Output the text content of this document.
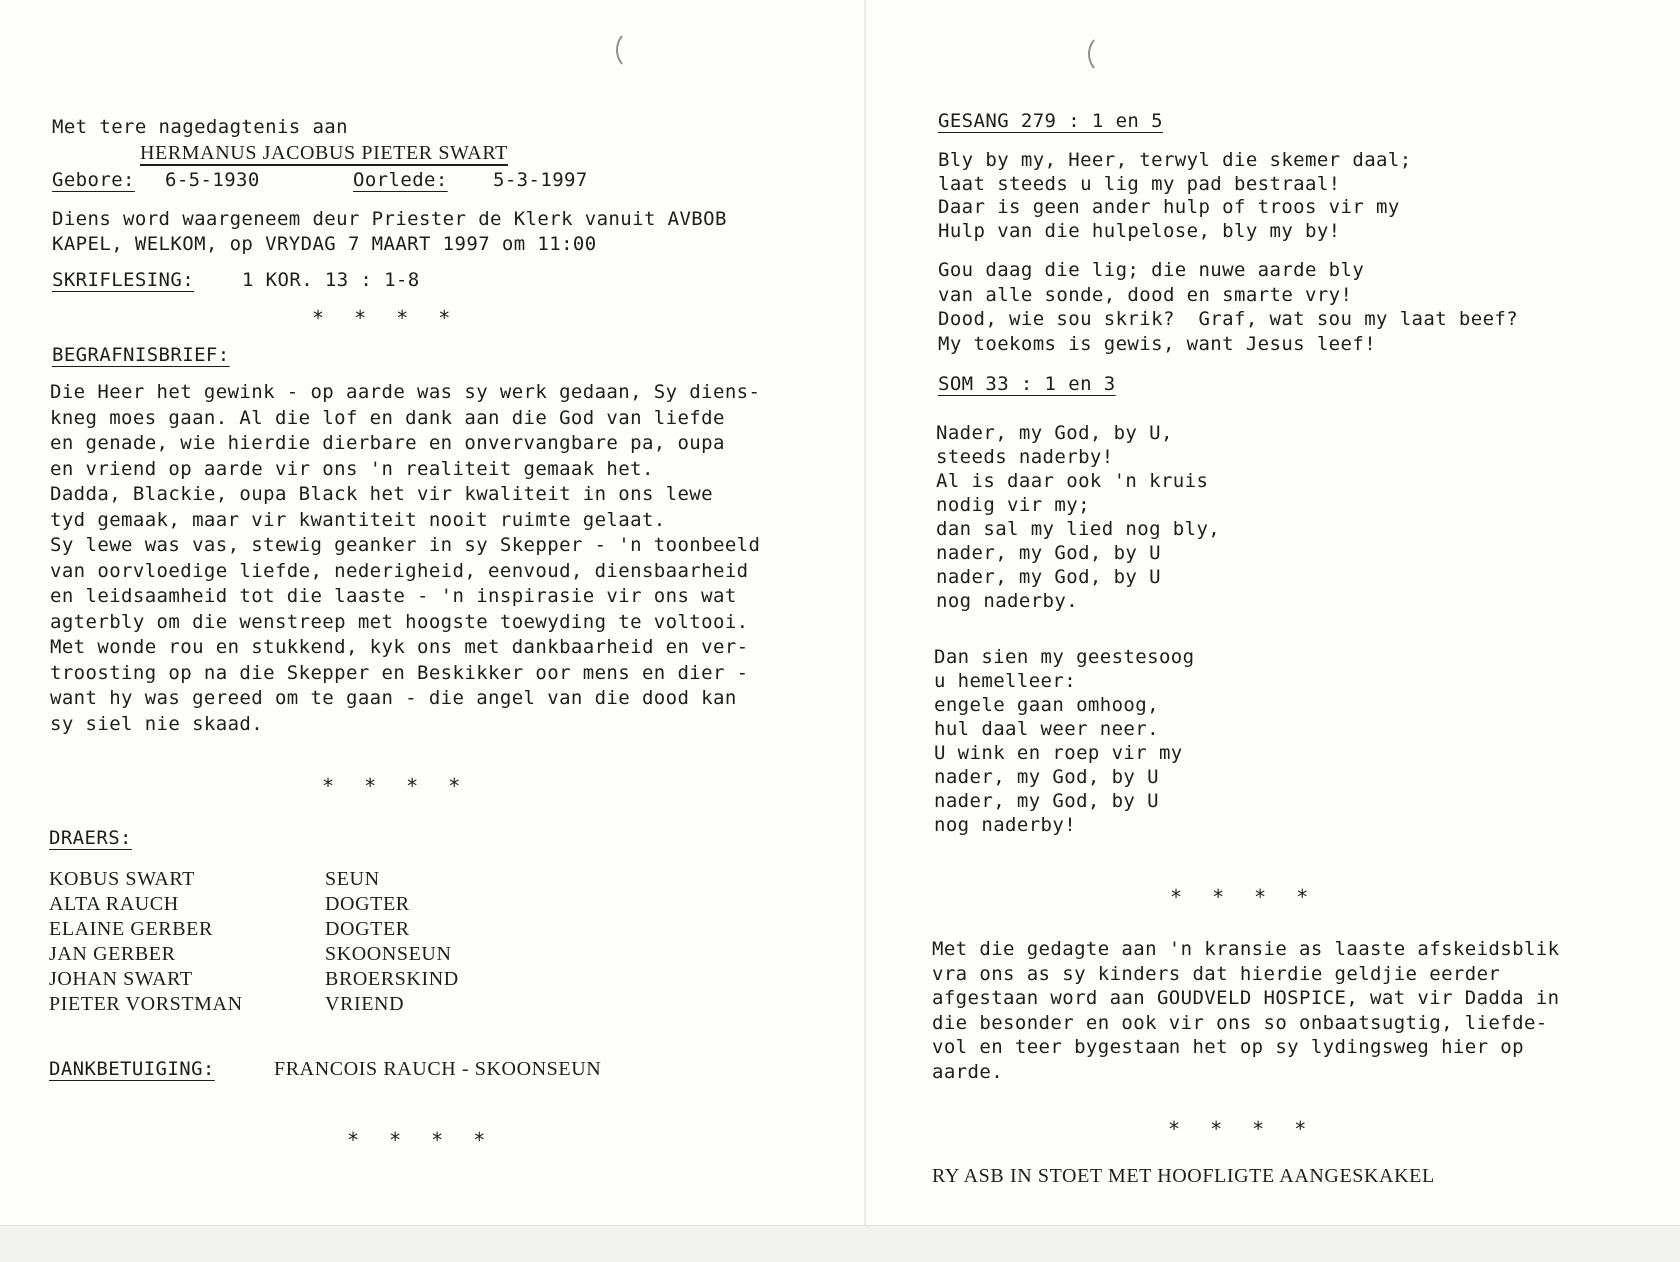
Met tere nagedagtenis aan

HERMANUS JACOBUS PIETER SWART

Gebore: 6-5-1930	Oorlede: 5-3-1997

Diens word waargeneem deur Priester de Klerk vanuit AVBOB

KAPEL, WELKOM, op VRYDAG 7 MAART 1997 om 11:00

SKRIFLESING:	1 KOR. 13 : 1-8

* * * *

BEGRAFNISBRIEF:

Die Heer het gewink - op aarde was sy werk gedaan, Sy diens-

kneg moes gaan. Al die lof en dank aan die God van liefde

en genade, wie hierdie dierbare en onvervangbare pa, oupa

en vriend op aarde vir ons 'n realiteit gemaak het.

Dadda, Blackie, oupa Black het vir kwaliteit in ons lewe

tyd gemaak, maar vir kwantiteit nooit ruimte gelaat.

Sy lewe was vas, stewig geanker in sy Skepper - 'n toonbeeld

van oorvloedige liefde, nederigheid, eenvoud, diensbaarheid

en leidsaamheid tot die laaste - 'n inspirasie vir ons wat

agterbly om die wenstreep met hoogste toewyding te voltooi.

Met wonde rou en stukkend, kyk ons met dankbaarheid en ver-

troosting op na die Skepper en Beskikker oor mens en dier -

want hy was gereed om te gaan - die angel van die dood kan

sy siel nie skaad.

* * * *

DRAERS:

KOBUS SWART	SEUN

ALTA RAUCH	DOGTER

ELAINE GERBER	DOGTER

JAN GERBER	SKOONSEUN

JOHAN SWART	BROERSKIND

PIETER VORSTMAN	VRIEND

DANKBETUIGING:	FRANCOIS RAUCH - SKOONSEUN

* * * *

GESANG 279 : 1 en 5

Bly by my, Heer, terwyl die skemer daal;

laat steeds u lig my pad bestraal!

Daar is geen ander hulp of troos vir my

Hulp van die hulpelose, bly my by!

Gou daag die lig; die nuwe aarde bly

van alle sonde, dood en smarte vry!

Dood, wie sou skrik?  Graf, wat sou my laat beef?

My toekoms is gewis, want Jesus leef!

SOM 33 : 1 en 3

Nader, my God, by U,

steeds naderby!

Al is daar ook 'n kruis

nodig vir my;

dan sal my lied nog bly,

nader, my God, by U

nader, my God, by U

nog naderby.

Dan sien my geestesoog

u hemelleer:

engele gaan omhoog,

hul daal weer neer.

U wink en roep vir my

nader, my God, by U

nader, my God, by U

nog naderby!

* * * *

Met die gedagte aan 'n kransie as laaste afskeidsblik

vra ons as sy kinders dat hierdie geldjie eerder

afgestaan word aan GOUDVELD HOSPICE, wat vir Dadda in

die besonder en ook vir ons so onbaatsugtig, liefde-

vol en teer bygestaan het op sy lydingsweg hier op

aarde.

* * * *

RY ASB IN STOET MET HOOFLIGTE AANGESKAKEL
